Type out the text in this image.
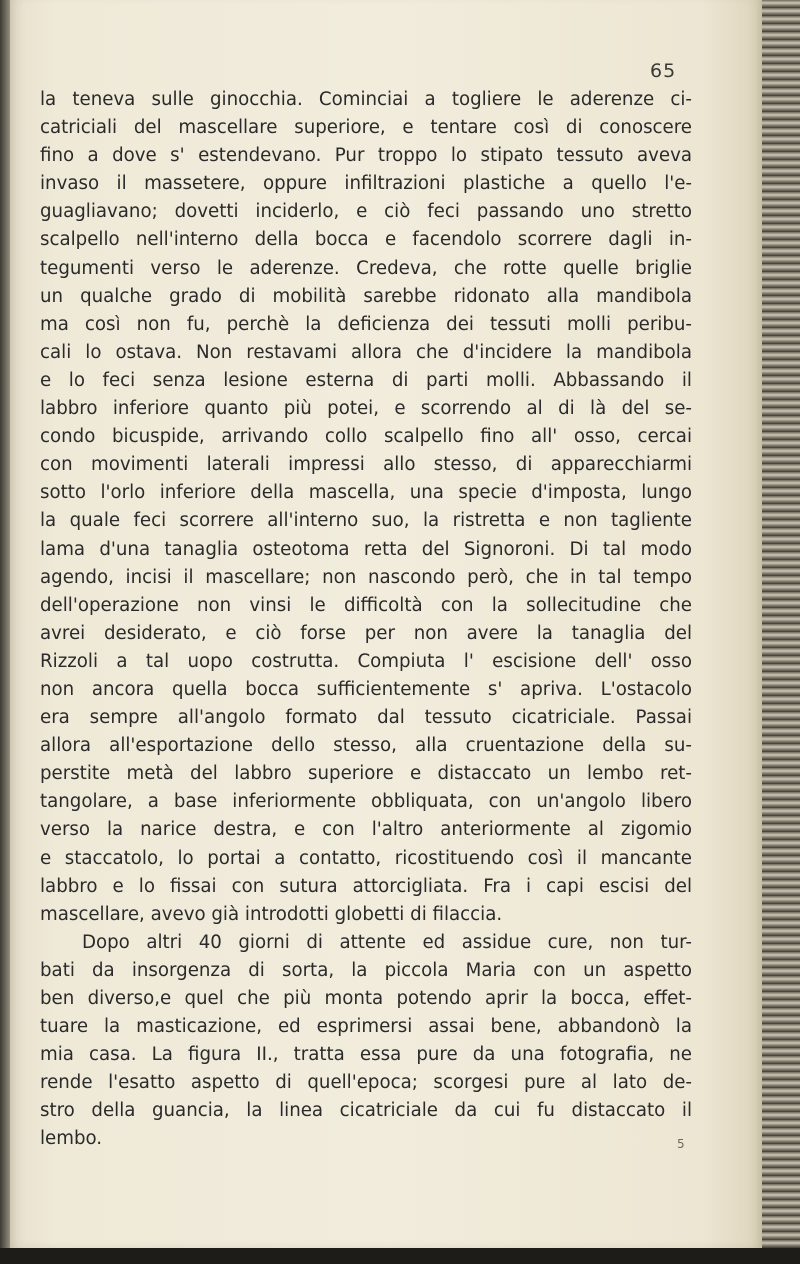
65
la teneva sulle ginocchia. Cominciai a togliere le aderenze ci-
catriciali del mascellare superiore, e tentare così di conoscere
fino a dove s' estendevano. Pur troppo lo stipato tessuto aveva
invaso il massetere, oppure infiltrazioni plastiche a quello l'e-
guagliavano; dovetti inciderlo, e ciò feci passando uno stretto
scalpello nell'interno della bocca e facendolo scorrere dagli in-
tegumenti verso le aderenze. Credeva, che rotte quelle briglie
un qualche grado di mobilità sarebbe ridonato alla mandibola
ma così non fu, perchè la deficienza dei tessuti molli peribu-
cali lo ostava. Non restavami allora che d'incidere la mandibola
e lo feci senza lesione esterna di parti molli. Abbassando il
labbro inferiore quanto più potei, e scorrendo al di là del se-
condo bicuspide, arrivando collo scalpello fino all' osso, cercai
con movimenti laterali impressi allo stesso, di apparecchiarmi
sotto l'orlo inferiore della mascella, una specie d'imposta, lungo
la quale feci scorrere all'interno suo, la ristretta e non tagliente
lama d'una tanaglia osteotoma retta del Signoroni. Di tal modo
agendo, incisi il mascellare; non nascondo però, che in tal tempo
dell'operazione non vinsi le difficoltà con la sollecitudine che
avrei desiderato, e ciò forse per non avere la tanaglia del
Rizzoli a tal uopo costrutta. Compiuta l' escisione dell' osso
non ancora quella bocca sufficientemente s' apriva. L'ostacolo
era sempre all'angolo formato dal tessuto cicatriciale. Passai
allora all'esportazione dello stesso, alla cruentazione della su-
perstite metà del labbro superiore e distaccato un lembo ret-
tangolare, a base inferiormente obbliquata, con un'angolo libero
verso la narice destra, e con l'altro anteriormente al zigomio
e staccatolo, lo portai a contatto, ricostituendo così il mancante
labbro e lo fissai con sutura attorcigliata. Fra i capi escisi del
mascellare, avevo già introdotti globetti di filaccia.
Dopo altri 40 giorni di attente ed assidue cure, non tur-
bati da insorgenza di sorta, la piccola Maria con un aspetto
ben diverso,e quel che più monta potendo aprir la bocca, effet-
tuare la masticazione, ed esprimersi assai bene, abbandonò la
mia casa. La figura II., tratta essa pure da una fotografia, ne
rende l'esatto aspetto di quell'epoca; scorgesi pure al lato de-
stro della guancia, la linea cicatriciale da cui fu distaccato il
lembo.	5
